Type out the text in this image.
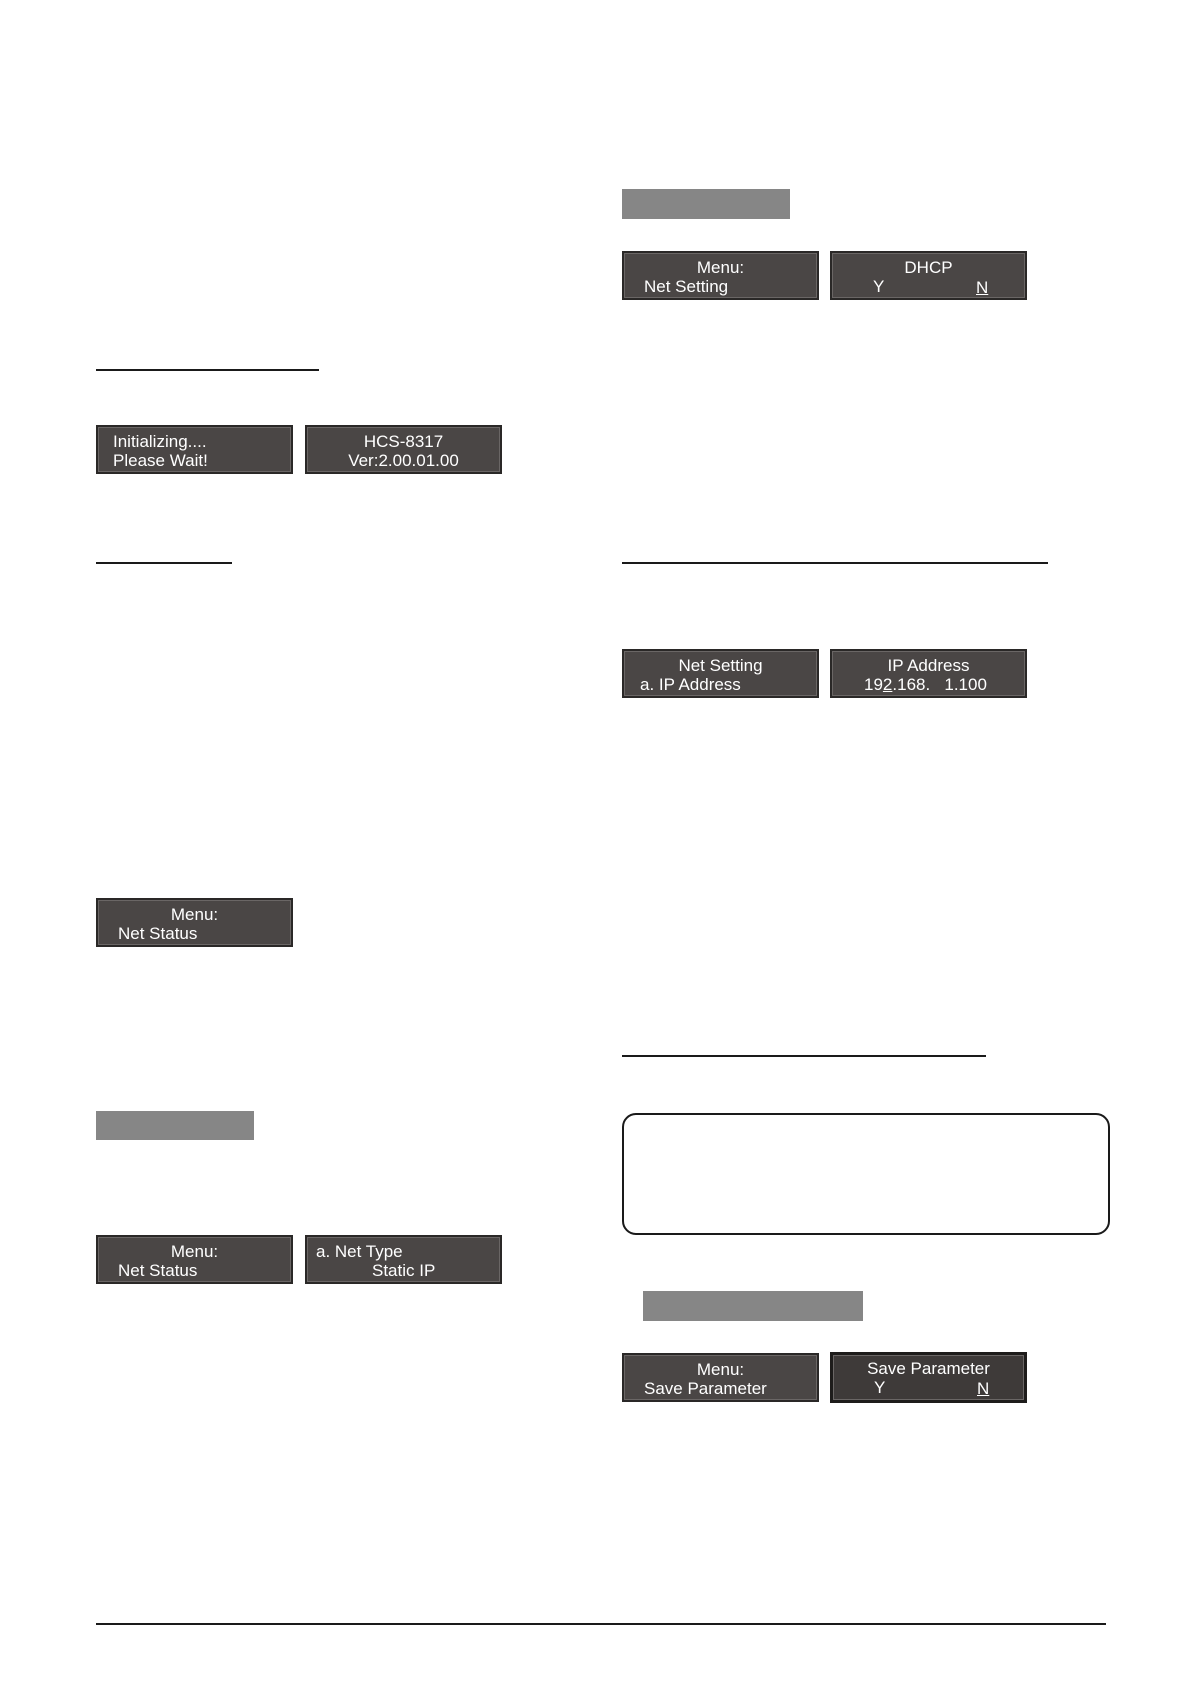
Initializing....
Please Wait!
HCS-8317
Ver:2.00.01.00
Menu:
Net Status
Menu:
Net Status
a. Net Type
Static IP
Menu:
Net Setting
DHCP
Y	N
Net Setting
a. IP Address
IP Address
192.168.   1.100
Menu:
Save Parameter
Save Parameter
Y	N
